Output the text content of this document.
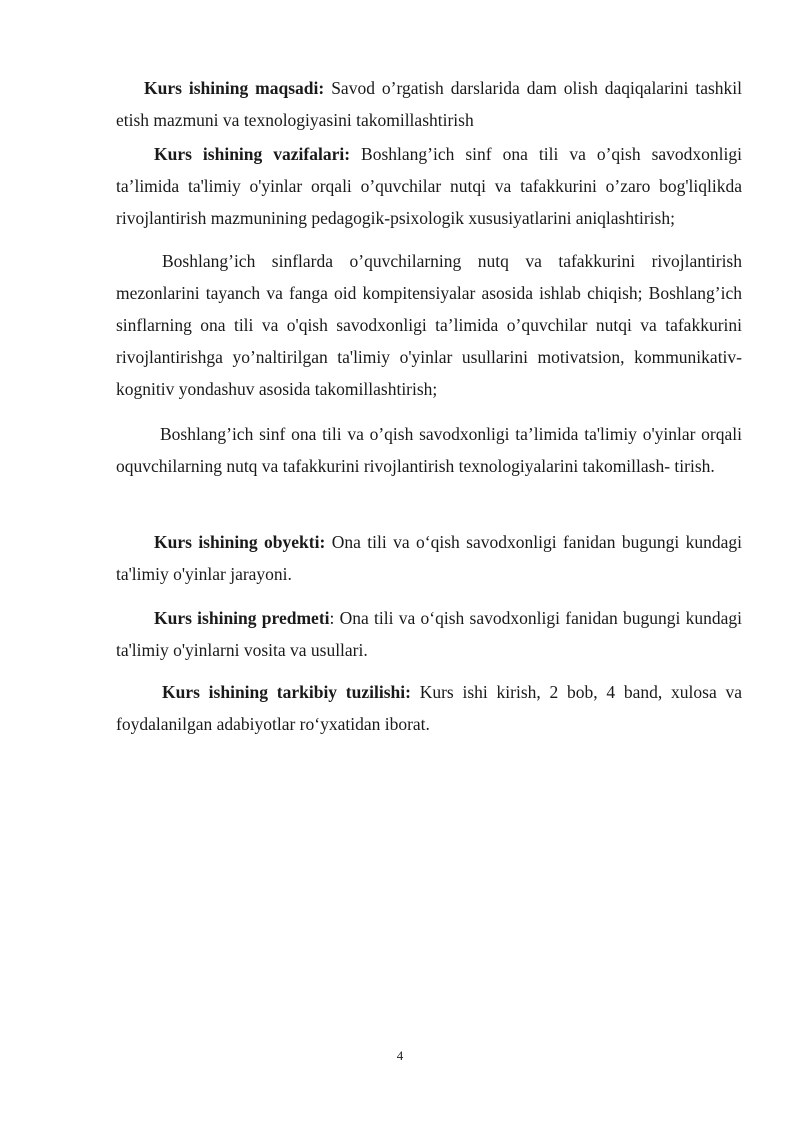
Kurs ishining maqsadi: Savod o’rgatish darslarida dam olish daqiqalarini tashkil etish mazmuni va texnologiyasini takomillashtirish

Kurs ishining vazifalari: Boshlang’ich sinf ona tili va o’qish savodxonligi ta’limida ta'limiy o'yinlar orqali o’quvchilar nutqi va tafakkurini o’zaro bog'liqlikda rivojlantirish mazmunining pedagogik-psixologik xususiyatlarini aniqlashtirish;

Boshlang’ich sinflarda o’quvchilarning nutq va tafakkurini rivojlantirish mezonlarini tayanch va fanga oid kompitensiyalar asosida ishlab chiqish; Boshlang’ich sinflarning ona tili va o'qish savodxonligi ta’limida o’quvchilar nutqi va tafakkurini rivojlantirishga yo’naltirilgan ta'limiy o'yinlar usullarini motivatsion, kommunikativ-kognitiv yondashuv asosida takomillashtirish;

Boshlang’ich sinf ona tili va o’qish savodxonligi ta’limida ta'limiy o'yinlar orqali oquvchilarning nutq va tafakkurini rivojlantirish texnologiyalarini takomillash- tirish.

Kurs ishining obyekti: Ona tili va o‘qish savodxonligi fanidan bugungi kundagi ta'limiy o'yinlar jarayoni.

Kurs ishining predmeti: Ona tili va o‘qish savodxonligi fanidan bugungi kundagi ta'limiy o'yinlarni vosita va usullari.

Kurs ishining tarkibiy tuzilishi: Kurs ishi kirish, 2 bob, 4 band, xulosa va foydalanilgan adabiyotlar ro‘yxatidan iborat.

4
